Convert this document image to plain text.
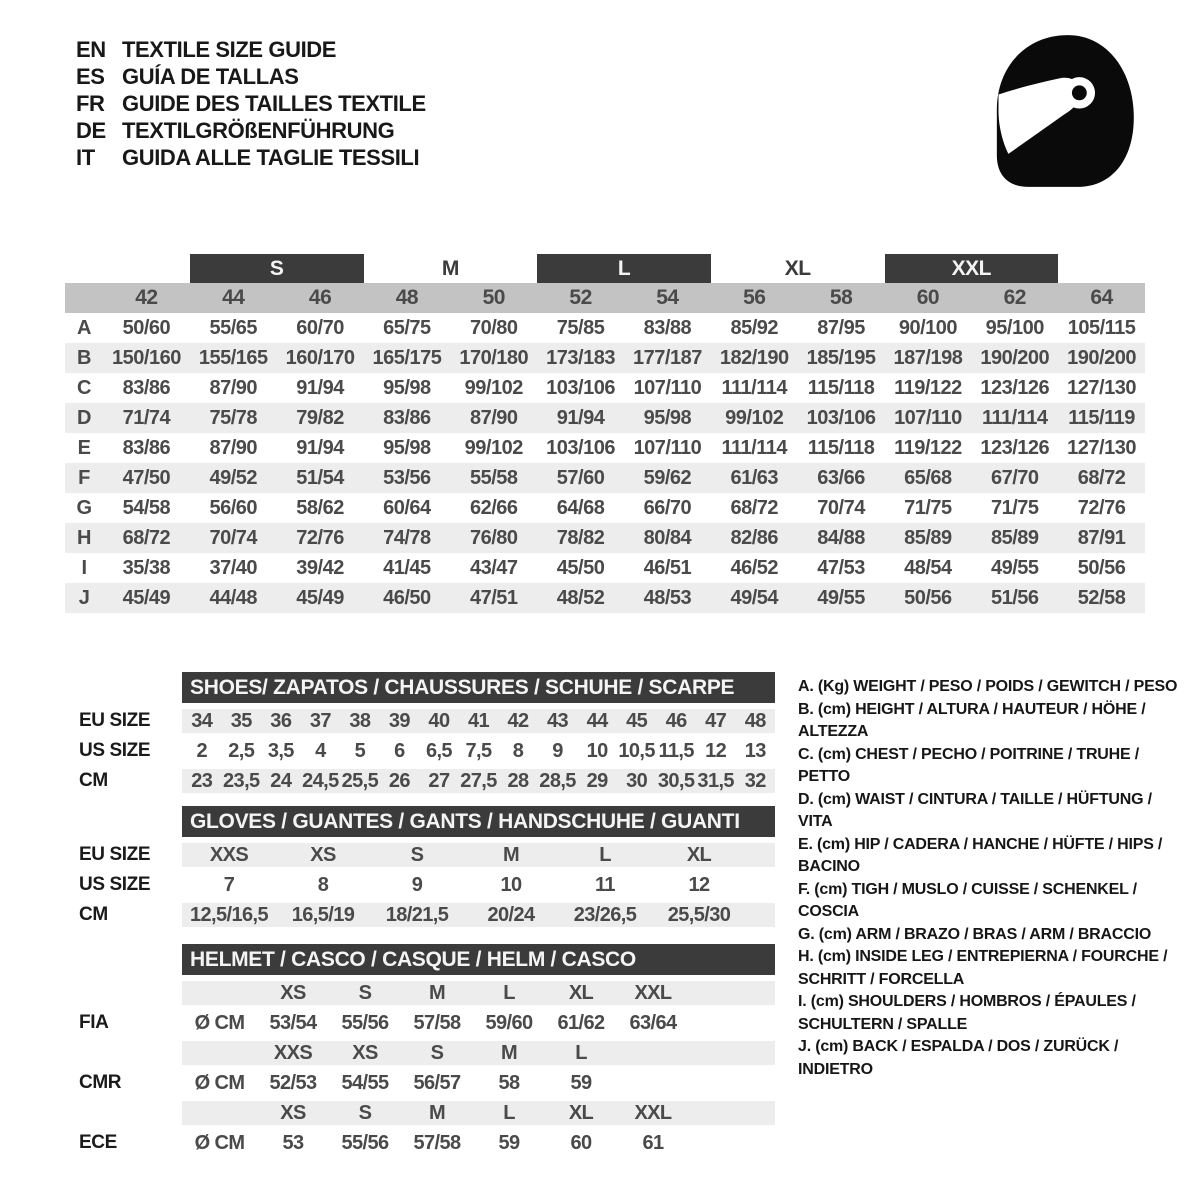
EN TEXTILE SIZE GUIDE
ES GUÍA DE TALLAS
FR GUIDE DES TAILLES TEXTILE
DE TEXTILGRÖßENFÜHRUNG
IT	GUIDA ALLE TAGLIE TESSILI
S	M	L	XL	XXL
42	44	46	48	50	52	54	56	58	60	62	64
A	50/60	55/65	60/70	65/75	70/80	75/85	83/88	85/92	87/95	90/100	95/100	105/115
B	150/160 155/165 160/170 165/175 170/180 173/183 177/187 182/190 185/195 187/198 190/200 190/200
C	83/86	87/90	91/94	95/98	99/102	103/106 107/110	111/114	115/118 119/122 123/126 127/130
D	71/74	75/78	79/82	83/86	87/90	91/94	95/98	99/102	103/106 107/110	111/114	115/119
E	83/86	87/90	91/94	95/98	99/102	103/106 107/110	111/114	115/118 119/122 123/126 127/130
F	47/50	49/52	51/54	53/56	55/58	57/60	59/62	61/63	63/66	65/68	67/70	68/72
G	54/58	56/60	58/62	60/64	62/66	64/68	66/70	68/72	70/74	71/75	71/75	72/76
H	68/72	70/74	72/76	74/78	76/80	78/82	80/84	82/86	84/88	85/89	85/89	87/91
I	35/38	37/40	39/42	41/45	43/47	45/50	46/51	46/52	47/53	48/54	49/55	50/56
J	45/49	44/48	45/49	46/50	47/51	48/52	48/53	49/54	49/55	50/56	51/56	52/58
SHOES/ ZAPATOS / CHAUSSURES / SCHUHE / SCARPE
EU SIZE	34 35 36 37 38 39 40 41 42 43 44 45 46 47 48
US SIZE	2	2,5 3,5	4	5	6	6,5 7,5	8	9	10 10,5 11,5 12 13
CM	23 23,5 24 24,5 25,5 26 27 27,5 28 28,5 29 30 30,5 31,5 32
GLOVES / GUANTES / GANTS / HANDSCHUHE / GUANTI
EU SIZE	XXS	XS	S	M	L	XL
US SIZE	7	8	9	10	11	12
CM	12,5/16,5	16,5/19	18/21,5	20/24	23/26,5	25,5/30
HELMET / CASCO / CASQUE / HELM / CASCO
XS	S	M	L	XL	XXL
FIA	Ø CM	53/54	55/56	57/58	59/60	61/62	63/64
XXS	XS	S	M	L
CMR	Ø CM	52/53	54/55	56/57	58	59
XS	S	M	L	XL	XXL
ECE	Ø CM	53	55/56	57/58	59	60	61
A. (Kg) WEIGHT / PESO / POIDS / GEWITCH / PESO
B. (cm) HEIGHT / ALTURA / HAUTEUR / HÖHE / ALTEZZA
C. (cm) CHEST / PECHO / POITRINE / TRUHE / PETTO
D. (cm) WAIST / CINTURA / TAILLE / HÜFTUNG / VITA
E. (cm) HIP / CADERA / HANCHE / HÜFTE / HIPS / BACINO
F. (cm) TIGH / MUSLO / CUISSE / SCHENKEL / COSCIA
G. (cm) ARM / BRAZO / BRAS / ARM / BRACCIO
H. (cm) INSIDE LEG / ENTREPIERNA / FOURCHE / SCHRITT / FORCELLA
I. (cm) SHOULDERS / HOMBROS / ÉPAULES / SCHULTERN / SPALLE
J. (cm) BACK / ESPALDA / DOS / ZURÜCK / INDIETRO
